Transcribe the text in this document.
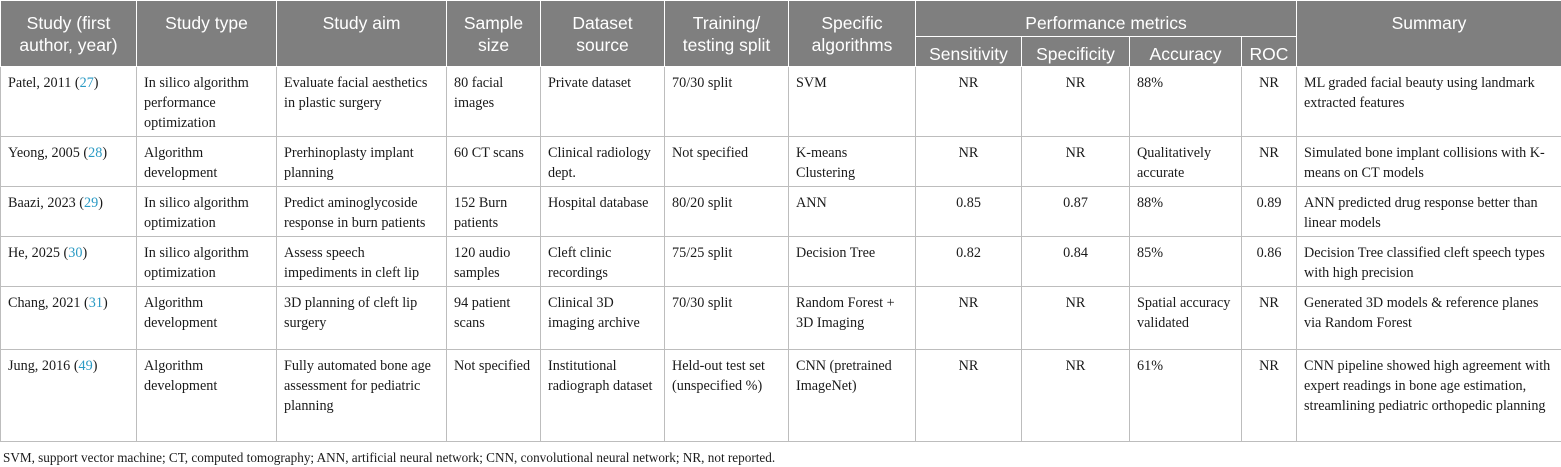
Study (first author, year)	Study type	Study aim	Sample size	Dataset source	Training/ testing split	Specific algorithms	Performance metrics				Summary
							Sensitivity	Specificity	Accuracy	ROC	
Patel, 2011 (27)	In silico algorithm performance optimization	Evaluate facial aesthetics in plastic surgery	80 facial images	Private dataset	70/30 split	SVM	NR	NR	88%	NR	ML graded facial beauty using landmark extracted features
Yeong, 2005 (28)	Algorithm development	Prerhinoplasty implant planning	60 CT scans	Clinical radiology dept.	Not specified	K-means Clustering	NR	NR	Qualitatively accurate	NR	Simulated bone implant collisions with K-means on CT models
Baazi, 2023 (29)	In silico algorithm optimization	Predict aminoglycoside response in burn patients	152 Burn patients	Hospital database	80/20 split	ANN	0.85	0.87	88%	0.89	ANN predicted drug response better than linear models
He, 2025 (30)	In silico algorithm optimization	Assess speech impediments in cleft lip	120 audio samples	Cleft clinic recordings	75/25 split	Decision Tree	0.82	0.84	85%	0.86	Decision Tree classified cleft speech types with high precision
Chang, 2021 (31)	Algorithm development	3D planning of cleft lip surgery	94 patient scans	Clinical 3D imaging archive	70/30 split	Random Forest + 3D Imaging	NR	NR	Spatial accuracy validated	NR	Generated 3D models & reference planes via Random Forest
Jung, 2016 (49)	Algorithm development	Fully automated bone age assessment for pediatric planning	Not specified	Institutional radiograph dataset	Held-out test set (unspecified %)	CNN (pretrained ImageNet)	NR	NR	61%	NR	CNN pipeline showed high agreement with expert readings in bone age estimation, streamlining pediatric orthopedic planning
SVM, support vector machine; CT, computed tomography; ANN, artificial neural network; CNN, convolutional neural network; NR, not reported.
